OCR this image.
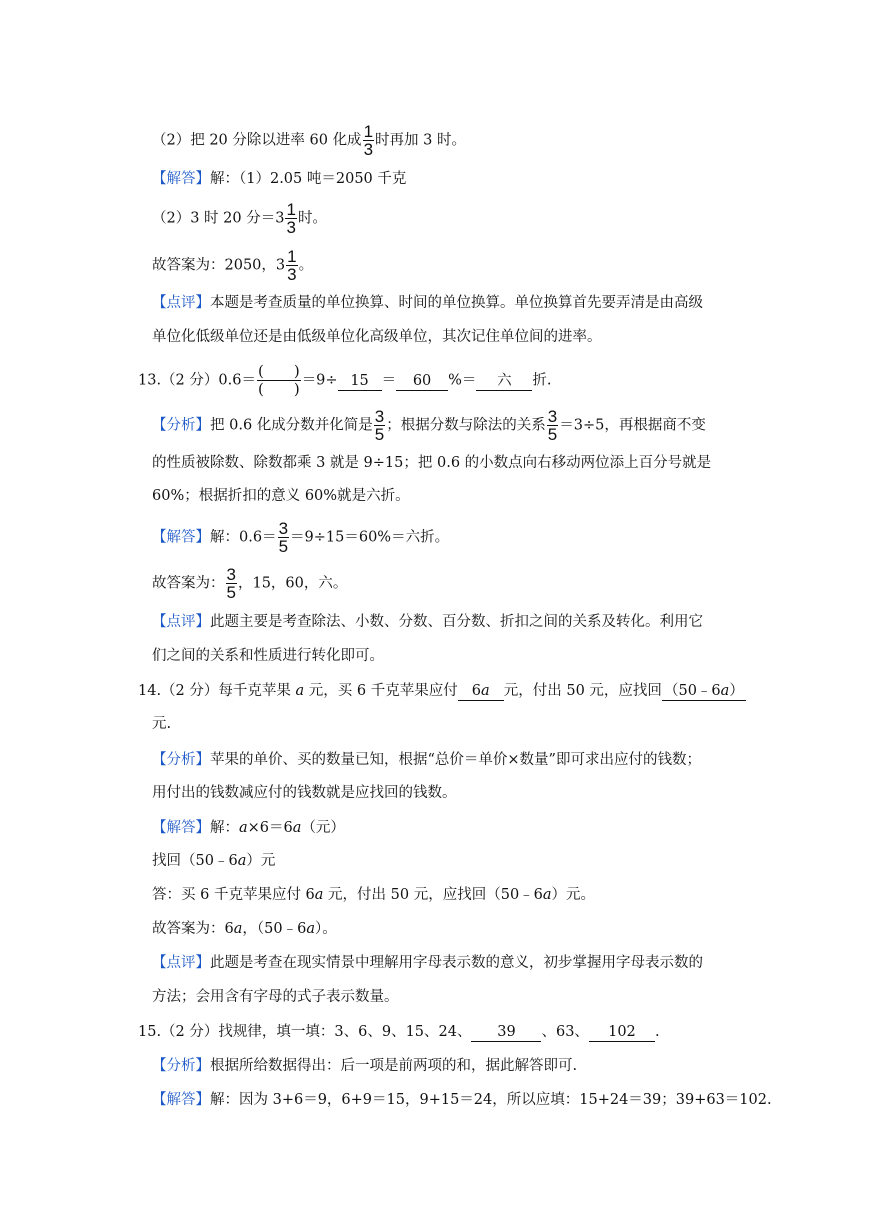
（2）把 20 分除以进率 60 化成 $\frac{1}{3}$ 时再加 3 时。
【解答】解：（1）2.05 吨＝2050 千克
（2）3 时 20 分$=3 \frac{1}{3}$ 时。
故答案为：2050，$3 \frac{1}{3}$ 。
【点评】本题是考查质量的单位换算、时间的单位换算。单位换算首先要弄清是由高级
单位化低级单位还是由低级单位化高级单位，其次记住单位间的进率。
13.（2 分）0.6＝
(　　)
(　　) ＝9÷ 15 ＝ 60 %＝ 六 折.
【分析】把 0.6 化成分数并化简是 $\frac{3}{5}$ ；根据分数与除法的关系 $\frac{3}{5} =3\div 5$，再根据商不变
的性质被除数、除数都乘 3 就是 9÷15；把 0.6 的小数点向右移动两位添上百分号就是
60%；根据折扣的意义 60%就是六折。
【解答】解：$0.6= \frac{3}{5} =9\div 15=60\%=$六折。
故答案为： $\frac{3}{5}$ ，15，60，六。
【点评】此题主要是考查除法、小数、分数、百分数、折扣之间的关系及转化。利用它
们之间的关系和性质进行转化即可。
14.（2 分）每千克苹果 a 元，买 6 千克苹果应付 6a 元，付出 50 元，应找回 （50﹣6a）
元.
【分析】苹果的单价、买的数量已知，根据“总价＝单价×数量”即可求出应付的钱数；
用付出的钱数减应付的钱数就是应找回的钱数。
【解答】解：a×6＝6a（元）
找回（50﹣6a）元
答：买 6 千克苹果应付 6a 元，付出 50 元，应找回（50﹣6a）元。
故答案为：6a，（50﹣6a）。
【点评】此题是考查在现实情景中理解用字母表示数的意义，初步掌握用字母表示数的
方法；会用含有字母的式子表示数量。
15.（2 分）找规律，填一填：3、6、9、15、24、 39 、63、 102 .
【分析】根据所给数据得出：后一项是前两项的和，据此解答即可.
【解答】解：因为 3+6＝9，6+9＝15，9+15＝24，所以应填：15+24＝39；39+63＝102.
